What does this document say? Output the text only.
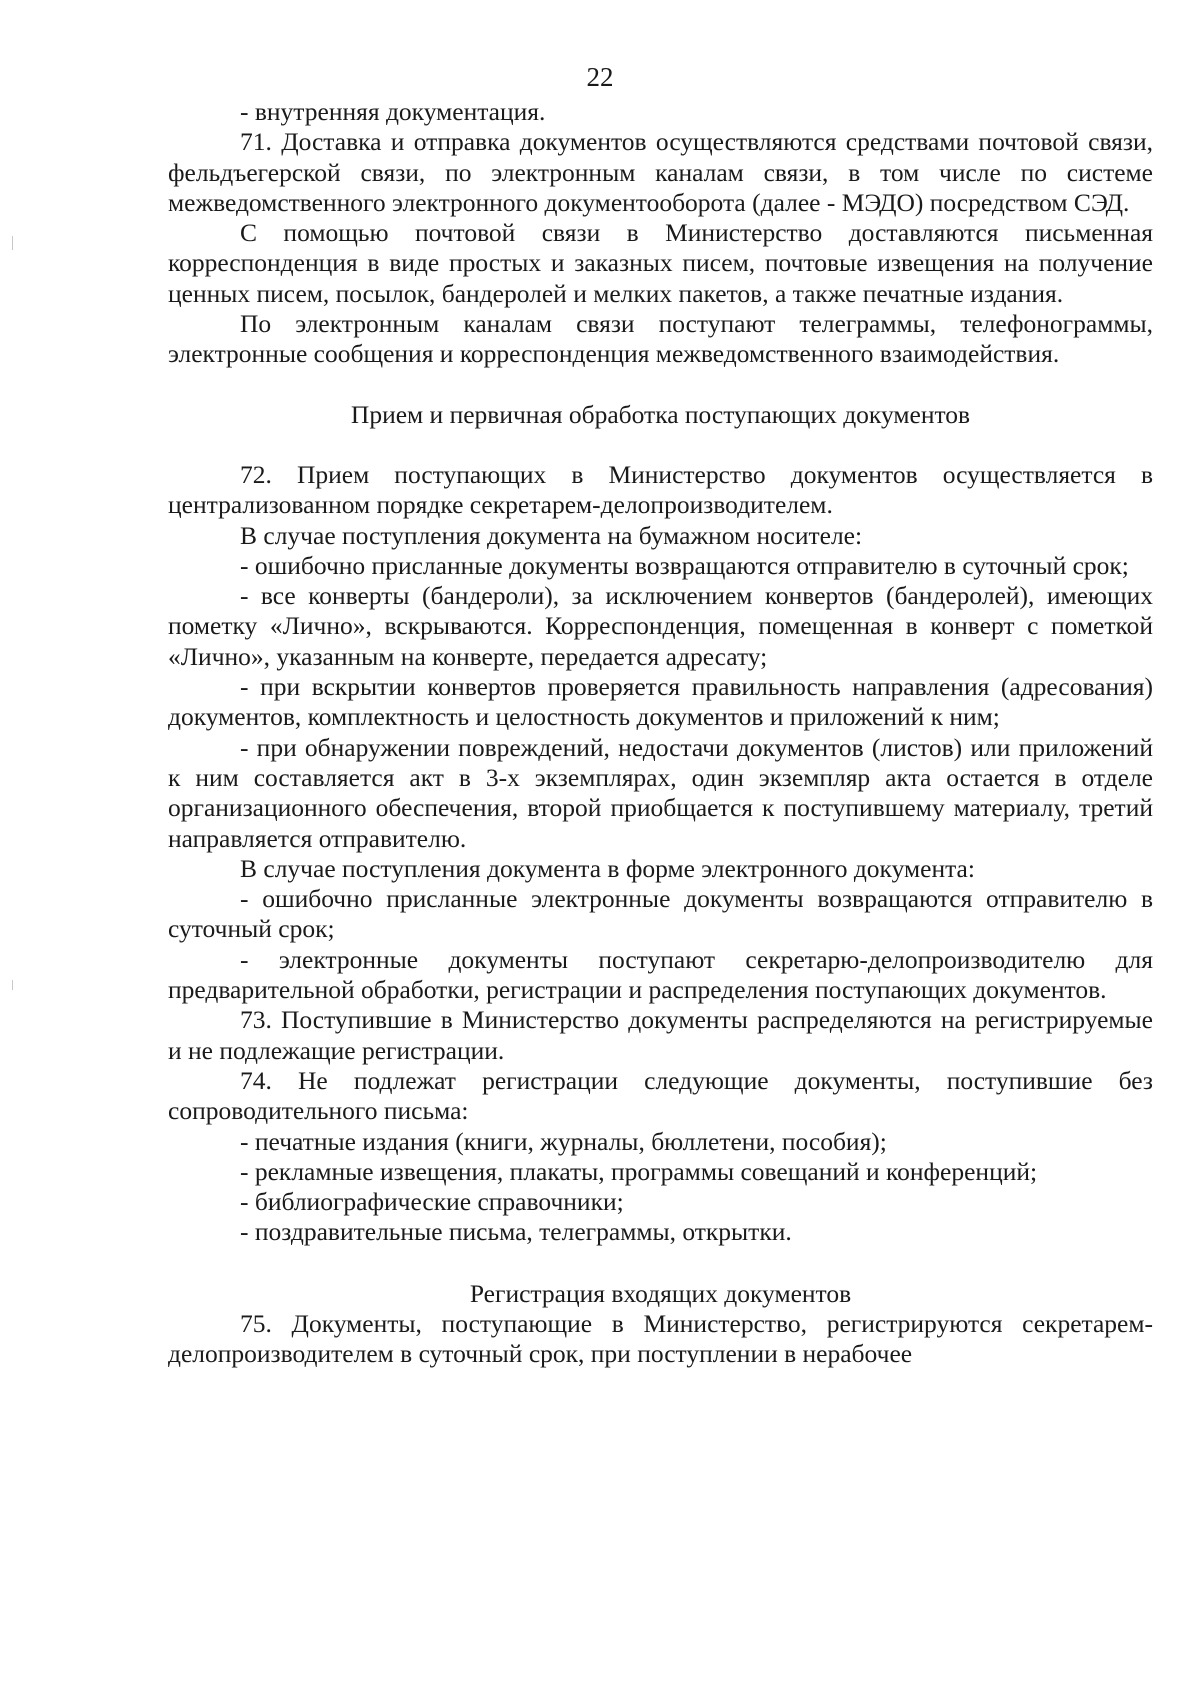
22

- внутренняя документация.

71. Доставка и отправка документов осуществляются средствами почтовой связи, фельдъегерской связи, по электронным каналам связи, в том числе по системе межведомственного электронного документооборота (далее - МЭДО) посредством СЭД.

С помощью почтовой связи в Министерство доставляются письменная корреспонденция в виде простых и заказных писем, почтовые извещения на получение ценных писем, посылок, бандеролей и мелких пакетов, а также печатные издания.

По электронным каналам связи поступают телеграммы, телефонограммы, электронные сообщения и корреспонденция межведомственного взаимодействия.

Прием и первичная обработка поступающих документов

72. Прием поступающих в Министерство документов осуществляется в централизованном порядке секретарем-делопроизводителем.

В случае поступления документа на бумажном носителе:

- ошибочно присланные документы возвращаются отправителю в суточный срок;

- все конверты (бандероли), за исключением конвертов (бандеролей), имеющих пометку «Лично», вскрываются. Корреспонденция, помещенная в конверт с пометкой «Лично», указанным на конверте, передается адресату;

- при вскрытии конвертов проверяется правильность направления (адресования) документов, комплектность и целостность документов и приложений к ним;

- при обнаружении повреждений, недостачи документов (листов) или приложений к ним составляется акт в 3-х экземплярах, один экземпляр акта остается в отделе организационного обеспечения, второй приобщается к поступившему материалу, третий направляется отправителю.

В случае поступления документа в форме электронного документа:

- ошибочно присланные электронные документы возвращаются отправителю в суточный срок;

- электронные документы поступают секретарю-делопроизводителю для предварительной обработки, регистрации и распределения поступающих документов.

73. Поступившие в Министерство документы распределяются на регистрируемые и не подлежащие регистрации.

74. Не подлежат регистрации следующие документы, поступившие без сопроводительного письма:

- печатные издания (книги, журналы, бюллетени, пособия);

- рекламные извещения, плакаты, программы совещаний и конференций;

- библиографические справочники;

- поздравительные письма, телеграммы, открытки.

Регистрация входящих документов

75. Документы, поступающие в Министерство, регистрируются секретарем-делопроизводителем в суточный срок, при поступлении в нерабочее
